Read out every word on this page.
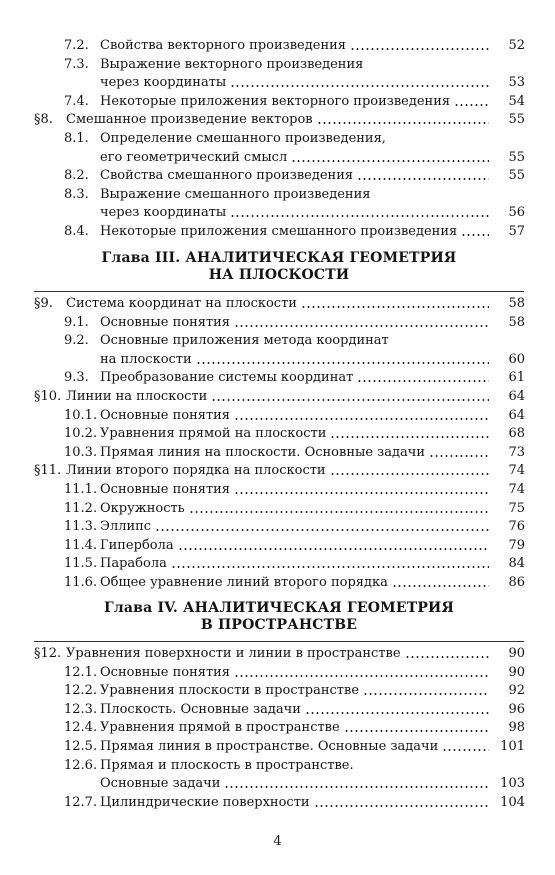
7.2. Свойства векторного произведения	52
7.3. Выражение векторного произведения
через координаты	53
7.4. Некоторые приложения векторного произведения	54
§8.	Смешанное произведение векторов	55
8.1. Определение смешанного произведения,
его геометрический смысл	55
8.2. Свойства смешанного произведения	55
8.3. Выражение смешанного произведения
через координаты	56
8.4. Некоторые приложения смешанного произведения	57
Глава III. АНАЛИТИЧЕСКАЯ ГЕОМЕТРИЯ
НА ПЛОСКОСТИ
§9.	Система координат на плоскости	58
9.1. Основные понятия	58
9.2. Основные приложения метода координат
на плоскости	60
9.3. Преобразование системы координат	61
§10. Линии на плоскости	64
10.1. Основные понятия	64
10.2. Уравнения прямой на плоскости	68
10.3. Прямая линия на плоскости. Основные задачи	73
§11. Линии второго порядка на плоскости	74
11.1. Основные понятия	74
11.2. Окружность	75
11.3. Эллипс	76
11.4. Гипербола	79
11.5. Парабола	84
11.6. Общее уравнение линий второго порядка	86
Глава IV. АНАЛИТИЧЕСКАЯ ГЕОМЕТРИЯ
В ПРОСТРАНСТВЕ
§12. Уравнения поверхности и линии в пространстве	90
12.1. Основные понятия	90
12.2. Уравнения плоскости в пространстве	92
12.3. Плоскость. Основные задачи	96
12.4. Уравнения прямой в пространстве	98
12.5. Прямая линия в пространстве. Основные задачи	101
12.6. Прямая и плоскость в пространстве.
Основные задачи	103
12.7. Цилиндрические поверхности	104
4
